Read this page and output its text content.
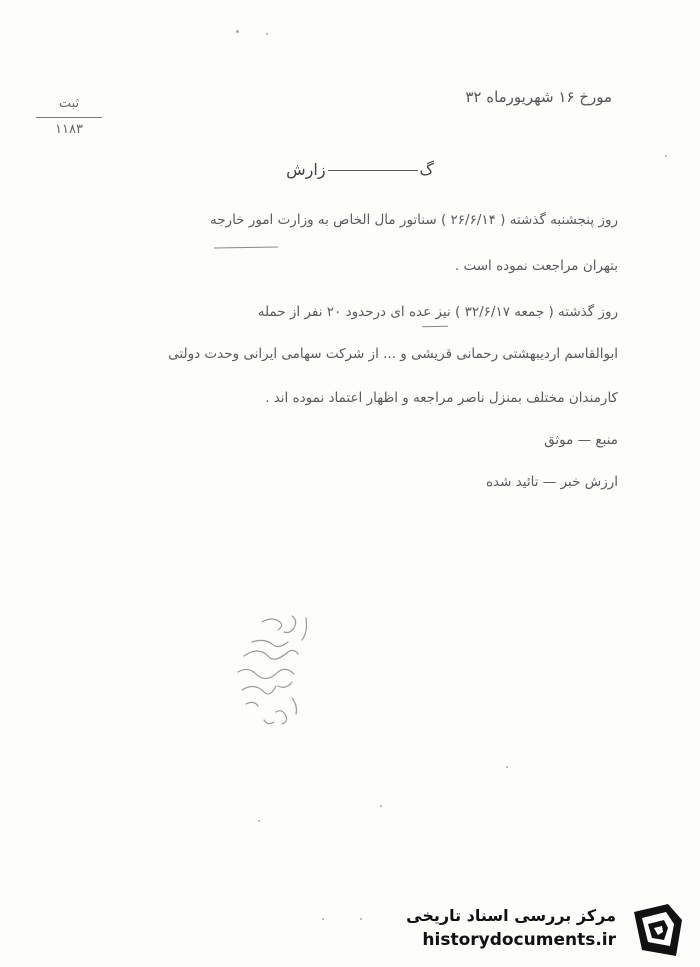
ثبت
۱۱۸۳
مورخ ۱۶ شهریورماه ۳۲
گزارش
روز پنجشنبه گذشته ( ۲۶/۶/۱۴ ) سناتور مال الخاص به وزارت امور خارجه
بتهران مراجعت نموده است .
روز گذشته ( جمعه ۳۲/۶/۱۷ ) نیز عده ای درحدود ۲۰ نفر از حمله
ابوالقاسم اردیبهشتی رحمانی قریشی و ... از شرکت سهامی ایرانی وحدت دولتی
کارمندان مختلف بمنزل ناصر مراجعه و اظهار اعتماد نموده اند .
منبع — موثق
ارزش خبر — تائید شده
مرکز بررسی اسناد تاریخی
historydocuments.ir
